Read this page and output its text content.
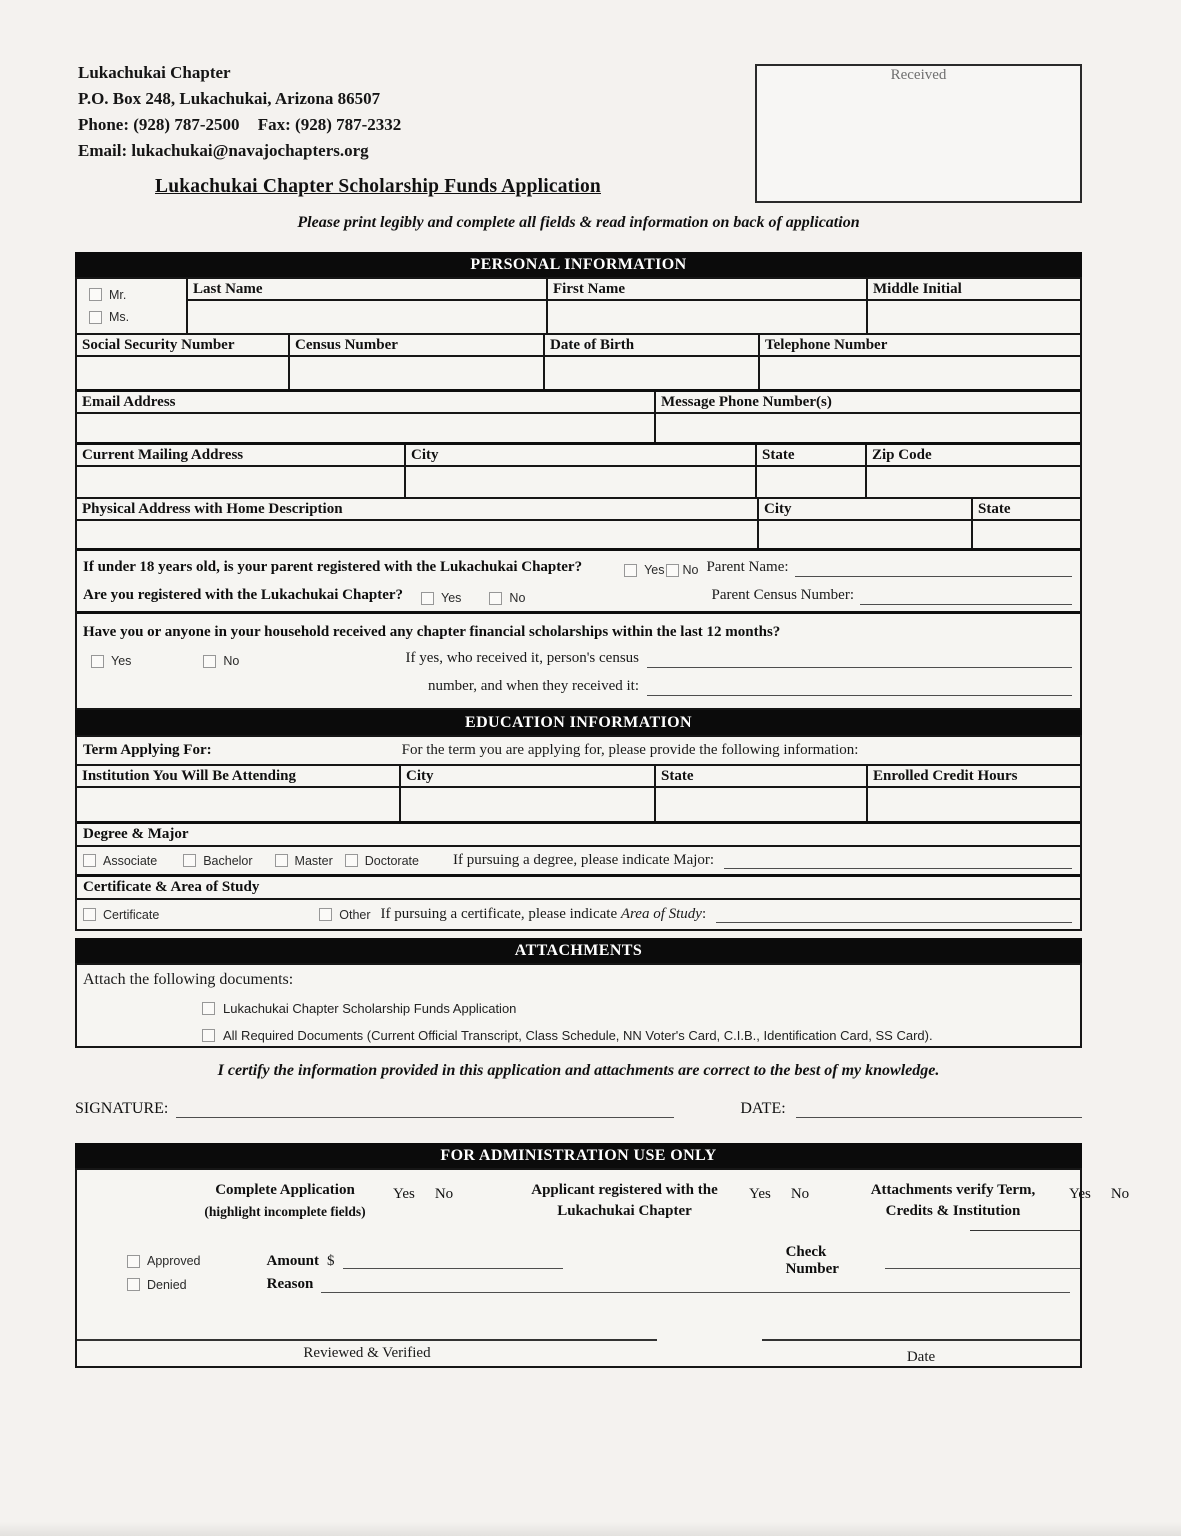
Lukachukai Chapter
P.O. Box 248, Lukachukai, Arizona 86507
Phone: (928) 787-2500 Fax: (928) 787-2332
Email: lukachukai@navajochapters.org
Received
Lukachukai Chapter Scholarship Funds Application
Please print legibly and complete all fields & read information on back of application
PERSONAL INFORMATION
Mr.
Ms.
Last Name	First Name	Middle Initial
Social Security Number	Census Number	Date of Birth	Telephone Number
Email Address	Message Phone Number(s)
Current Mailing Address	City	State	Zip Code
Physical Address with Home Description	City	State
If under 18 years old, is your parent registered with the Lukachukai Chapter?	Yes No Parent Name:
Are you registered with the Lukachukai Chapter?	Yes	No	Parent Census Number:
Have you or anyone in your household received any chapter financial scholarships within the last 12 months?
Yes	No	If yes, who received it, person's census
number, and when they received it:
EDUCATION INFORMATION
Term Applying For:	For the term you are applying for, please provide the following information:
Institution You Will Be Attending	City	State	Enrolled Credit Hours
Degree & Major
Associate	Bachelor	Master	Doctorate If pursuing a degree, please indicate Major:
Certificate & Area of Study
Certificate	Other If pursuing a certificate, please indicate Area of Study:
ATTACHMENTS
Attach the following documents:
Lukachukai Chapter Scholarship Funds Application
All Required Documents (Current Official Transcript, Class Schedule, NN Voter's Card, C.I.B., Identification Card, SS Card).
I certify the information provided in this application and attachments are correct to the best of my knowledge.
SIGNATURE:	DATE:
FOR ADMINISTRATION USE ONLY
Complete Application
(highlight incomplete fields)
Yes No	Applicant registered with the
Lukachukai Chapter
Yes No	Attachments verify Term,
Credits & Institution
Yes No
Approved	Amount $
Check Number
Denied	Reason
Reviewed & Verified	Date
